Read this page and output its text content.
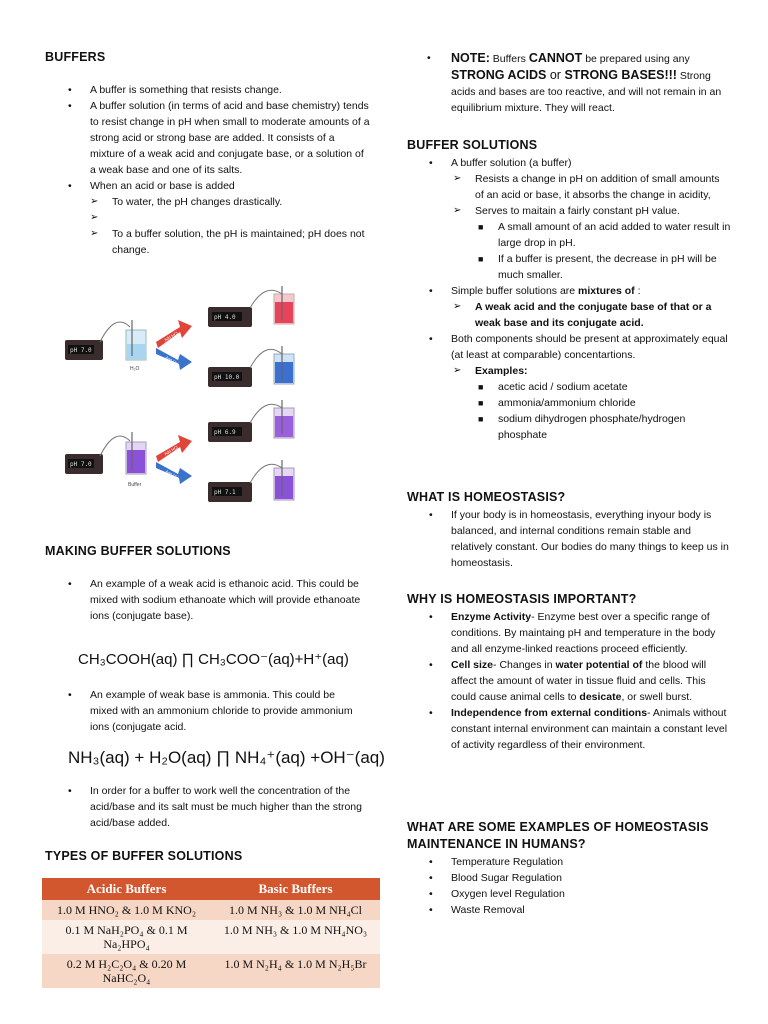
BUFFERS
• A buffer is something that resists change.
• A buffer solution (in terms of acid and base chemistry) tends to resist change in pH when small to moderate amounts of a strong acid or strong base are added. It consists of a mixture of a weak acid and conjugate base, or a solution of a weak base and one of its salts.
• When an acid or base is added
➢ To water, the pH changes drastically.
➢
➢ To a buffer solution, the pH is maintained; pH does not change.
pH 7.0
H₂O
Add HCl
Add OH
pH 4.0
pH 10.0
pH 7.0
Buffer
Add HCl
Add OH
pH 6.9
pH 7.1
MAKING BUFFER SOLUTIONS
• An example of a weak acid is ethanoic acid. This could be mixed with sodium ethanoate which will provide ethanoate ions (conjugate base).
CH₃COOH(aq) ∏ CH₃COO⁻(aq)+H⁺(aq)
• An example of weak base is ammonia. This could be mixed with an ammonium chloride to provide ammonium ions (conjugate acid.
NH₃(aq) + H₂O(aq) ∏ NH₄⁺(aq) +OH⁻(aq)
• In order for a buffer to work well the concentration of the acid/base and its salt must be much higher than the strong acid/base added.
TYPES OF BUFFER SOLUTIONS
Acidic Buffers	Basic Buffers
1.0 M HNO₂ & 1.0 M KNO₂	1.0 M NH₃ & 1.0 M NH₄Cl
0.1 M NaH₂PO₄ & 0.1 M Na₂HPO₄	1.0 M NH₃ & 1.0 M NH₄NO₃
0.2 M H₂C₂O₄ & 0.20 M NaHC₂O₄	1.0 M N₂H₄ & 1.0 M N₂H₅Br
• NOTE: Buffers CANNOT be prepared using any
STRONG ACIDS or STRONG BASES!!! Strong acids and bases are too reactive, and will not remain in an equilibrium mixture. They will react.
BUFFER SOLUTIONS
• A buffer solution (a buffer)
➢ Resists a change in pH on addition of small amounts of an acid or base, it absorbs the change in acidity,
➢ Serves to maitain a fairly constant pH value.
■ A small amount of an acid added to water result in large drop in pH.
■ If a buffer is present, the decrease in pH will be much smaller.
• Simple buffer solutions are mixtures of :
➢ A weak acid and the conjugate base of that or a weak base and its conjugate acid.
• Both components should be present at approximately equal (at least at comparable) concentartions.
➢ Examples:
■ acetic acid / sodium acetate
■ ammonia/ammonium chloride
■ sodium dihydrogen phosphate/hydrogen phosphate
WHAT IS HOMEOSTASIS?
• If your body is in homeostasis, everything inyour body is balanced, and internal conditions remain stable and relatively constant. Our bodies do many things to keep us in homeostasis.
WHY IS HOMEOSTASIS IMPORTANT?
• Enzyme Activity- Enzyme best over a specific range of conditions. By maintaing pH and temperature in the body and all enzyme-linked reactions proceed efficiently.
• Cell size- Changes in water potential of the blood will affect the amount of water in tissue fluid and cells. This could cause animal cells to desicate, or swell burst.
• Independence from external conditions- Animals without constant internal environment can maintain a constant level of activity regardless of their environment.
WHAT ARE SOME EXAMPLES OF HOMEOSTASIS MAINTENANCE IN HUMANS?
• Temperature Regulation
• Blood Sugar Regulation
• Oxygen level Regulation
• Waste Removal
